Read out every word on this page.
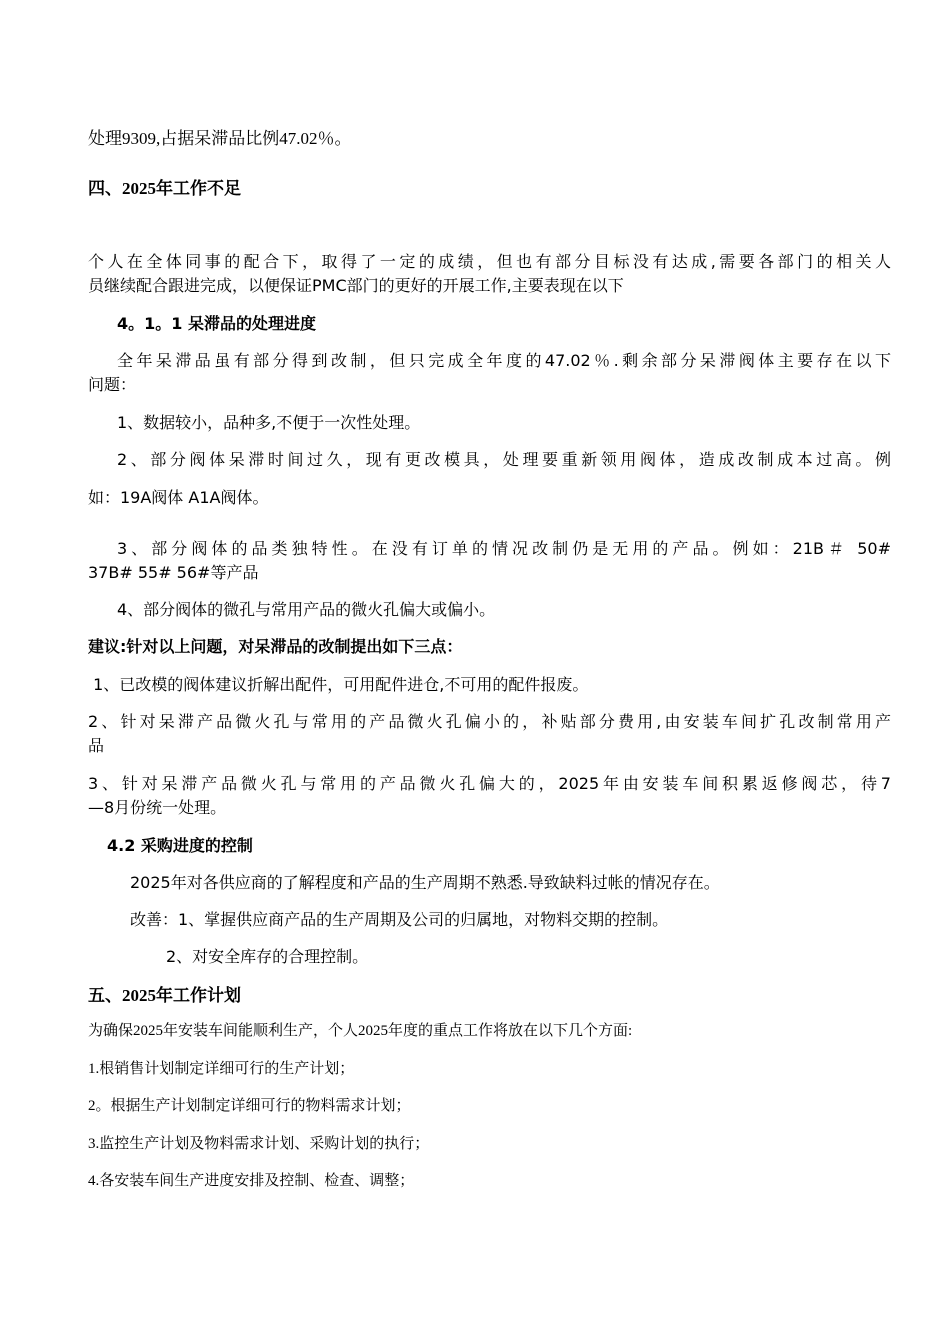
处理9309,占据呆滞品比例47.02％。
四、2025年工作不足
个人在全体同事的配合下，取得了一定的成绩，但也有部分目标没有达成,需要各部门的相关人
员继续配合跟进完成，以便保证PMC部门的更好的开展工作,主要表现在以下
4。1。1 呆滞品的处理进度
全年呆滞品虽有部分得到改制，但只完成全年度的47.02％.剩余部分呆滞阀体主要存在以下
问题：
1、数据较小，品种多,不便于一次性处理。
2、部分阀体呆滞时间过久，现有更改模具，处理要重新领用阀体，造成改制成本过高。例
如：19A阀体 A1A阀体。
3、部分阀体的品类独特性。在没有订单的情况改制仍是无用的产品。例如：21B＃ 50#
37B# 55# 56#等产品
4、部分阀体的微孔与常用产品的微火孔偏大或偏小。
建议:针对以上问题，对呆滞品的改制提出如下三点：
1、已改模的阀体建议折解出配件，可用配件进仓,不可用的配件报废。
2、针对呆滞产品微火孔与常用的产品微火孔偏小的，补贴部分费用,由安装车间扩孔改制常用产
品
3、针对呆滞产品微火孔与常用的产品微火孔偏大的，2025年由安装车间积累返修阀芯，待7
—8月份统一处理。
4.2 采购进度的控制
2025年对各供应商的了解程度和产品的生产周期不熟悉.导致缺料过帐的情况存在。
改善：1、掌握供应商产品的生产周期及公司的归属地，对物料交期的控制。
2、对安全库存的合理控制。
五、2025年工作计划
为确保2025年安装车间能顺利生产，个人2025年度的重点工作将放在以下几个方面:
1.根销售计划制定详细可行的生产计划；
2。根据生产计划制定详细可行的物料需求计划；
3.监控生产计划及物料需求计划、采购计划的执行；
4.各安装车间生产进度安排及控制、检查、调整；
